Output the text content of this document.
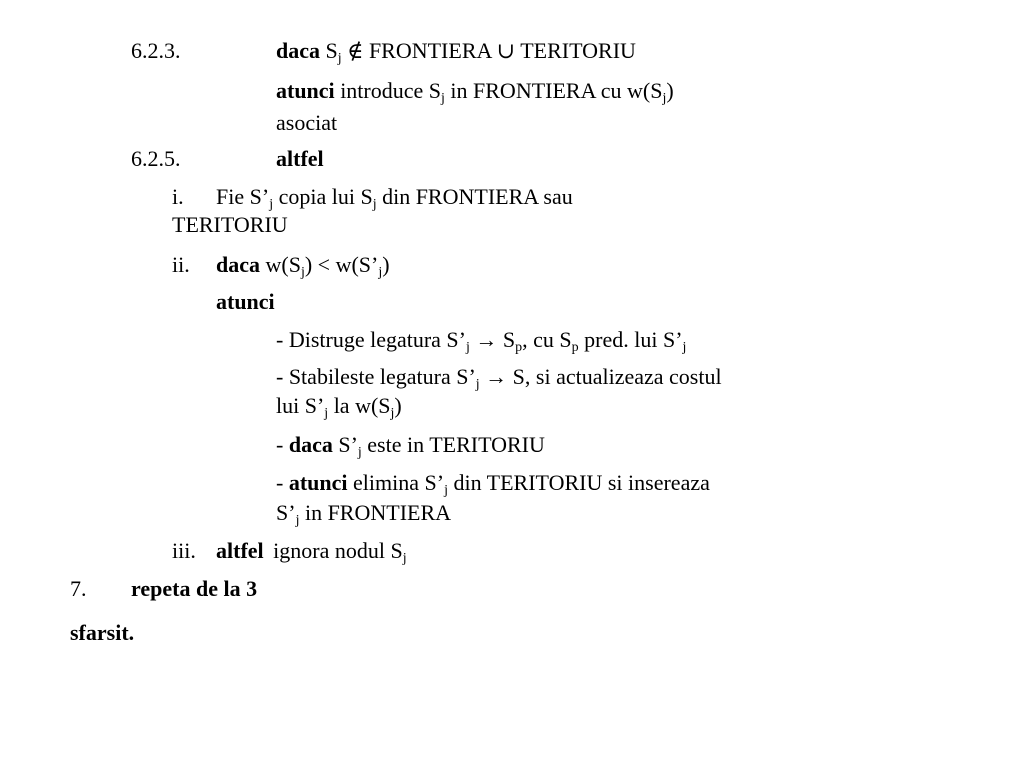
6.2.3.	daca $S_j$ ∉ FRONTIERA ∪ TERITORIU
atunci introduce $S_j$ in FRONTIERA cu $w(S_j)$
asociat
6.2.5.	altfel
i. Fie $S’_j$ copia lui $S_j$ din FRONTIERA sau
TERITORIU
ii. daca $w(S_j)$ < $w(S’_j)$
atunci
- Distruge legatura $S’_j \to S_p$, cu $S_p$ pred. lui $S’_j$
- Stabileste legatura $S’_j \to S$, si actualizeaza costul
lui $S’_j$ la $w(S_j)$
- daca $S’_j$ este in TERITORIU
- atunci elimina $S’_j$ din TERITORIU si insereaza
$S’_j$ in FRONTIERA
iii. altfel ignora nodul $S_j$
7. repeta de la 3
sfarsit.
